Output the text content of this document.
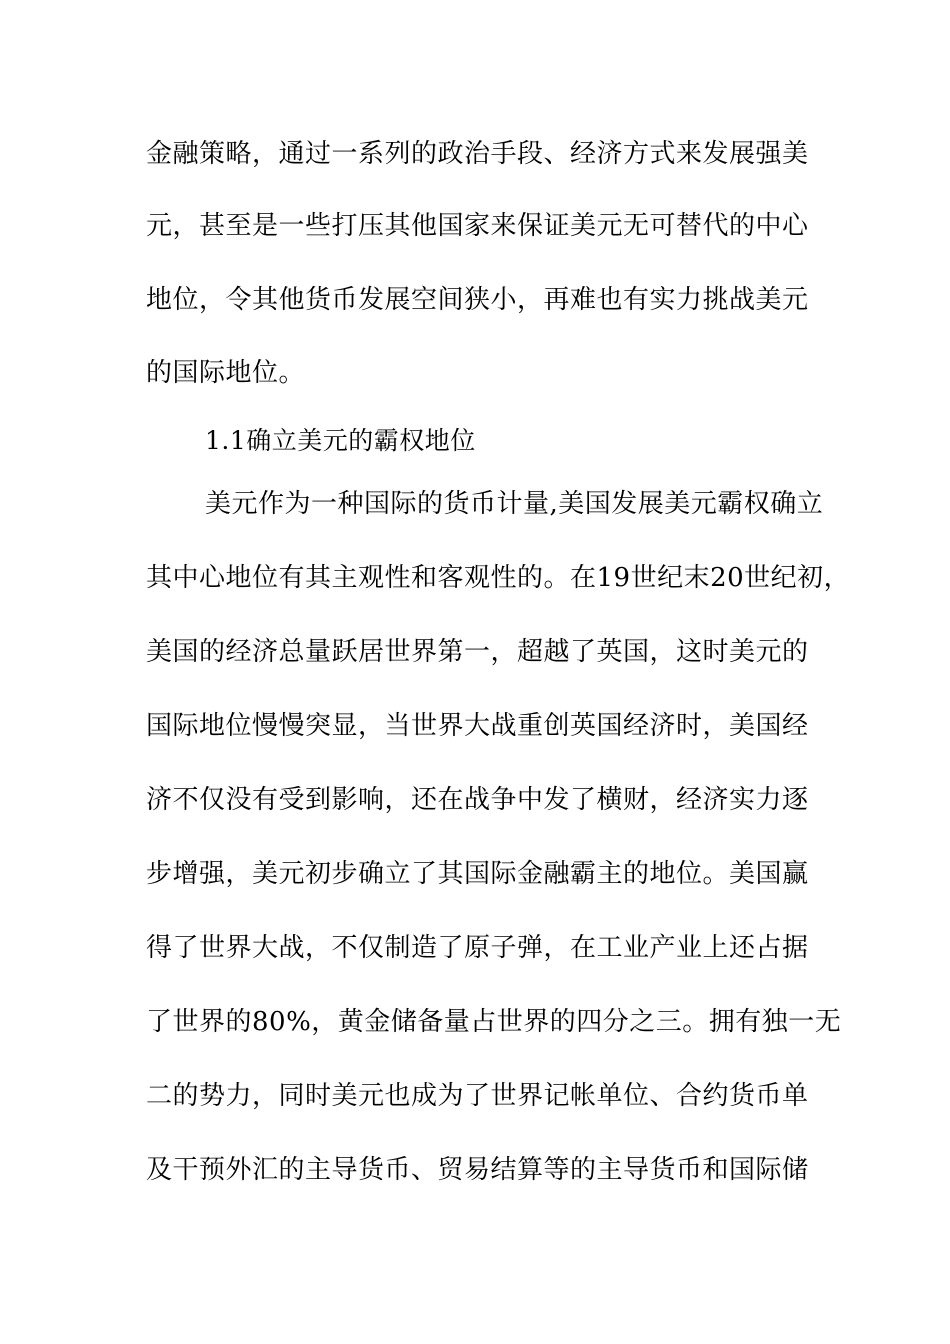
金融策略，通过一系列的政治手段、经济方式来发展强美
元，甚至是一些打压其他国家来保证美元无可替代的中心
地位，令其他货币发展空间狭小，再难也有实力挑战美元
的国际地位。
1.1确立美元的霸权地位
美元作为一种国际的货币计量,美国发展美元霸权确立
其中心地位有其主观性和客观性的。在19世纪末20世纪初，
美国的经济总量跃居世界第一，超越了英国，这时美元的
国际地位慢慢突显，当世界大战重创英国经济时，美国经
济不仅没有受到影响，还在战争中发了横财，经济实力逐
步增强，美元初步确立了其国际金融霸主的地位。美国赢
得了世界大战，不仅制造了原子弹，在工业产业上还占据
了世界的80%，黄金储备量占世界的四分之三。拥有独一无
二的势力，同时美元也成为了世界记帐单位、合约货币单
及干预外汇的主导货币、贸易结算等的主导货币和国际储
